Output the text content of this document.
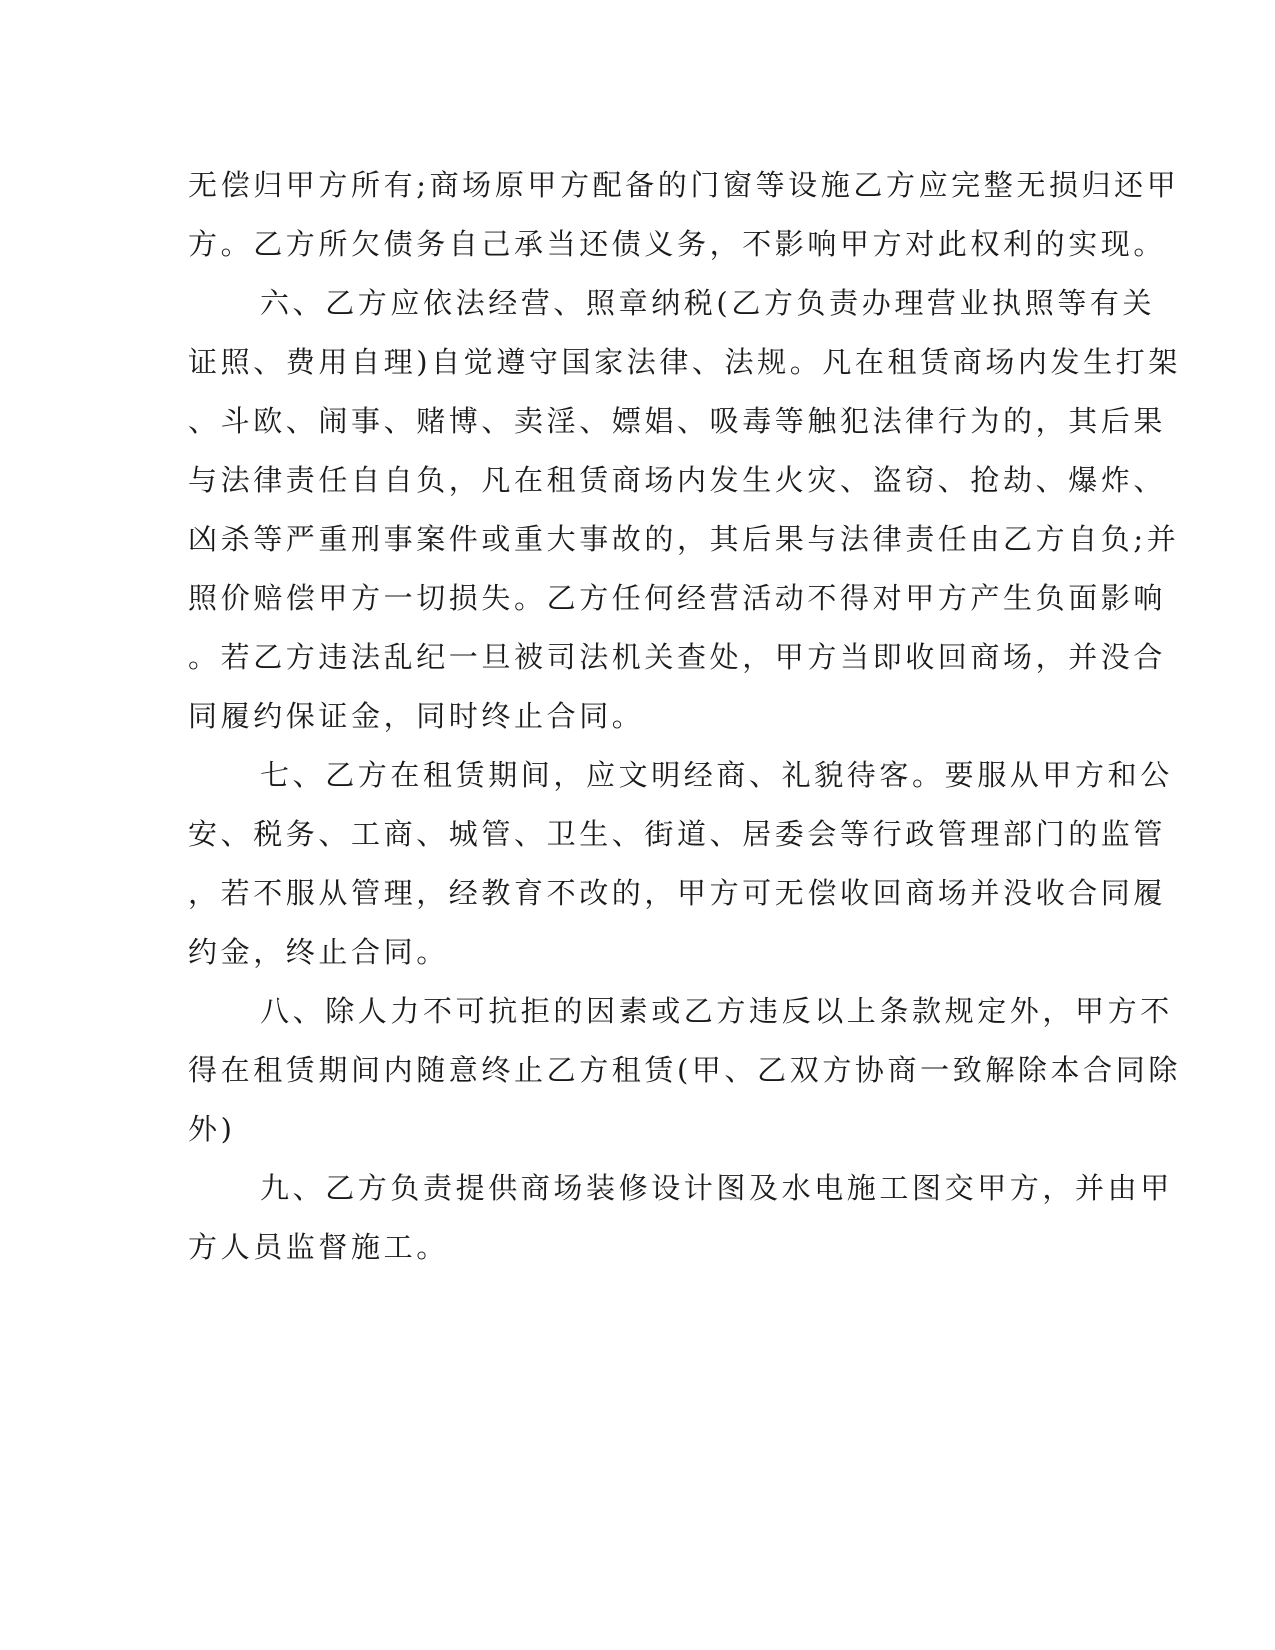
无偿归甲方所有;商场原甲方配备的门窗等设施乙方应完整无损归还甲
方。乙方所欠债务自己承当还债义务，不影响甲方对此权利的实现。
六、乙方应依法经营、照章纳税(乙方负责办理营业执照等有关
证照、费用自理)自觉遵守国家法律、法规。凡在租赁商场内发生打架
、斗欧、闹事、赌博、卖淫、嫖娼、吸毒等触犯法律行为的，其后果
与法律责任自自负，凡在租赁商场内发生火灾、盗窃、抢劫、爆炸、
凶杀等严重刑事案件或重大事故的，其后果与法律责任由乙方自负;并
照价赔偿甲方一切损失。乙方任何经营活动不得对甲方产生负面影响
。若乙方违法乱纪一旦被司法机关查处，甲方当即收回商场，并没合
同履约保证金，同时终止合同。
七、乙方在租赁期间，应文明经商、礼貌待客。要服从甲方和公
安、税务、工商、城管、卫生、街道、居委会等行政管理部门的监管
，若不服从管理，经教育不改的，甲方可无偿收回商场并没收合同履
约金，终止合同。
八、除人力不可抗拒的因素或乙方违反以上条款规定外，甲方不
得在租赁期间内随意终止乙方租赁(甲、乙双方协商一致解除本合同除
外)
九、乙方负责提供商场装修设计图及水电施工图交甲方，并由甲
方人员监督施工。
